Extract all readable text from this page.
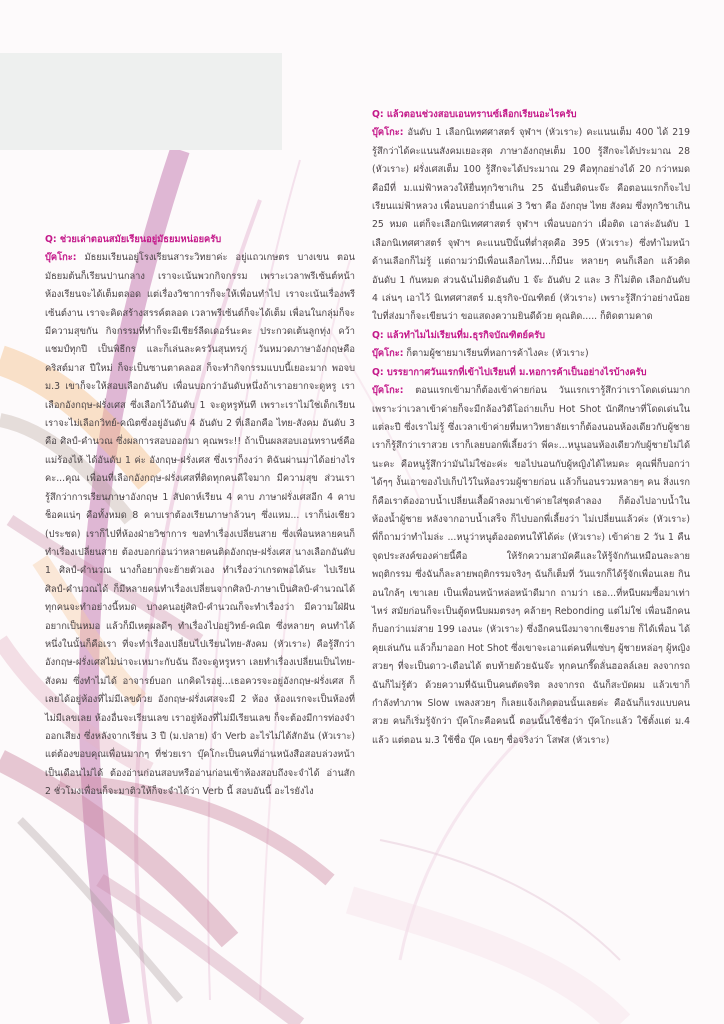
Q: ช่วยเล่าตอนสมัยเรียนอยู่มัธยมหน่อยครับ

บุ๊คโกะ: มัธยมเรียนอยู่โรงเรียนสาระวิทยาค่ะ อยู่แถวเกษตร บางเขน ตอนมัธยมต้นก็เรียนปานกลาง เราจะเน้นพวกกิจกรรม เพราะเวลาพรีเซ้นต์หน้าห้องเรียนจะได้เต็มตลอด แต่เรื่องวิชาการก็จะให้เพื่อนทำไป เราจะเน้นเรื่องพรีเซ้นต์งาน เราจะคิดสร้างสรรค์ตลอด เวลาพรีเซ้นต์ก็จะได้เต็ม เพื่อนในกลุ่มก็จะมีความสุขกัน กิจกรรมที่ทำก็จะมีเชียร์ลีดเดอร์นะคะ ประกวดเต้นลูกทุ่ง คว้าแชมป์ทุกปี เป็นพิธีกร และก็เล่นละครวันสุนทรภู่ วันหมวดภาษาอังกฤษคือ คริสต์มาส ปีใหม่ ก็จะเป็นซานตาคลอส ก็จะทำกิจกรรมแบบนี้เยอะมาก พอจบ ม.3 เขาก็จะให้สอบเลือกอันดับ เพื่อนบอกว่าอันดับหนึ่งถ้าเราอยากจะดูหรู เราเลือกอังกฤษ-ฝรั่งเศส ซึ่งเลือกไว้อันดับ 1 จะดูหรูทันที เพราะเราไม่ใช่เด็กเรียน เราจะไม่เลือกวิทย์-คณิตซึ่งอยู่อันดับ 4 อันดับ 2 ที่เลือกคือ ไทย-สังคม อันดับ 3 คือ ศิลป์-คำนวณ ซึ่งผลการสอบออกมา คุณพระ!! ถ้าเป็นผลสอบเอนทรานซ์คือ แม่ร้องไห้ ได้อันดับ 1 ค่ะ อังกฤษ-ฝรั่งเศส ซึ่งเราก็งงว่า ติฉันผ่านมาได้อย่างไรคะ...คุณ เพื่อนที่เลือกอังกฤษ-ฝรั่งเศสที่ติดทุกคนดีใจมาก มีความสุข ส่วนเรารู้สึกว่าการเรียนภาษาอังกฤษ 1 สัปดาห์เรียน 4 คาบ ภาษาฝรั่งเศสอีก 4 คาบ ช็อคแน่ๆ คือทั้งหมด 8 คาบเราต้องเรียนภาษาล้วนๆ ซึ่งแหม... เราก็น่งเชียว (ประชด) เราก็ไปที่ห้องฝ่ายวิชาการ ขอทำเรื่องเปลี่ยนสาย ซึ่งเพื่อนหลายคนก็ทำเรื่องเปลี่ยนสาย ต้องบอกก่อนว่าหลายคนติดอังกฤษ-ฝรั่งเศส นางเลือกอันดับ 1 ศิลป์-คำนวณ นางก็อยากจะย้ายตัวเอง ทำเรื่องว่าเกรดพอได้นะ ไปเรียนศิลป์-คำนวณได้ ก็มีหลายคนทำเรื่องเปลี่ยนจากศิลป์-ภาษาเป็นศิลป์-คำนวณได้ ทุกคนจะทำอย่างนี้หมด บางคนอยู่ศิลป์-คำนวณก็จะทำเรื่องว่า มีความใฝ่ฝันอยากเป็นหมอ แล้วก็มีเหตุผลดีๆ ทำเรื่องไปอยู่วิทย์-คณิต ซึ่งหลายๆ คนทำได้ หนึ่งในนั้นก็คือเรา ที่จะทำเรื่องเปลี่ยนไปเรียนไทย-สังคม (หัวเราะ) คือรู้สึกว่าอังกฤษ-ฝรั่งเศสไม่น่าจะเหมาะกับฉัน ถึงจะดูหรูหรา เลยทำเรื่องเปลี่ยนเป็นไทย-สังคม ซึ่งทำไม่ได้ อาจารย์บอก แกคิดไรอยู่...เธอควรจะอยู่อังกฤษ-ฝรั่งเศส ก็เลยได้อยู่ห้องที่ไม่มีเลขด้วย อังกฤษ-ฝรั่งเศสจะมี 2 ห้อง ห้องแรกจะเป็นห้องที่ไม่มีเลขเลย ห้องอื่นจะเรียนเลข เราอยู่ห้องที่ไม่มีเรียนเลข ก็จะต้องมีการท่องจำ ออกเสียง ซึ่งหลังจากเรียน 3 ปี (ม.ปลาย) จำ Verb อะไรไม่ได้สักอัน (หัวเราะ) แต่ต้องขอบคุณเพื่อนมากๆ ที่ช่วยเรา บุ๊คโกะเป็นคนที่อ่านหนังสือสอบล่วงหน้าเป็นเดือนไม่ได้ ต้องอ่านก่อนสอบหรืออ่านก่อนเข้าห้องสอบถึงจะจำได้ อ่านสัก 2 ชั่วโมงเพื่อนก็จะมาติวให้ก็จะจำได้ว่า Verb นี้ สอบอันนี้ อะไรยังไง

Q: แล้วตอนช่วงสอบเอนทรานซ์เลือกเรียนอะไรครับ

บุ๊คโกะ: อันดับ 1 เลือกนิเทศศาสตร์ จุฬาฯ (หัวเราะ) คะแนนเต็ม 400 ได้ 219 รู้สึกว่าได้คะแนนสังคมเยอะสุด ภาษาอังกฤษเต็ม 100 รู้สึกจะได้ประมาณ 28 (หัวเราะ) ฝรั่งเศสเต็ม 100 รู้สึกจะได้ประมาณ 29 คือทุกอย่างได้ 20 กว่าหมด คือมีที่ ม.แม่ฟ้าหลวงให้ยื่นทุกวิชาเกิน 25 ฉันยื่นติดนะจ๊ะ คือตอนแรกก็จะไปเรียนแม่ฟ้าหลวง เพื่อนบอกว่ายื่นแค่ 3 วิชา คือ อังกฤษ ไทย สังคม ซึ่งทุกวิชาเกิน 25 หมด แต่ก็จะเลือกนิเทศศาสตร์ จุฬาฯ เพื่อนบอกว่า เผื่อติด เอาล่ะอันดับ 1 เลือกนิเทศศาสตร์ จุฬาฯ คะแนนปีนั้นที่ต่ำสุดคือ 395 (หัวเราะ) ซึ่งทำไมหน้าด้านเลือกก็ไม่รู้ แต่ถามว่ามีเพื่อนเลือกไหม...ก็มีนะ หลายๆ คนก็เลือก แล้วติดอันดับ 1 กันหมด ส่วนฉันไม่ติดอันดับ 1 จ๊ะ อันดับ 2 และ 3 ก็ไม่ติด เลือกอันดับ 4 เล่นๆ เอาไว้ นิเทศศาสตร์ ม.ธุรกิจ-บัณฑิตย์ (หัวเราะ) เพราะรู้สึกว่าอย่างน้อยใบที่ส่งมาก็จะเขียนว่า ขอแสดงความยินดีด้วย คุณติด..... ก็ติดตามคาด

Q: แล้วทำไมไม่เรียนที่ม.ธุรกิจบัณฑิตย์ครับ

บุ๊คโกะ: ก็ตามผู้ชายมาเรียนที่หอการค้าไงคะ (หัวเราะ)

Q: บรรยากาศวันแรกที่เข้าไปเรียนที่ ม.หอการค้าเป็นอย่างไรบ้างครับ

บุ๊คโกะ: ตอนแรกเข้ามาก็ต้องเข้าค่ายก่อน วันแรกเรารู้สึกว่าเราโดดเด่นมาก เพราะว่าเวลาเข้าค่ายก็จะมีกล้องวิดีโอถ่ายเก็บ Hot Shot นักศึกษาที่โดดเด่นในแต่ละปี ซึ่งเราไม่รู้ ซึ่งเวลาเข้าค่ายที่มหาวิทยาลัยเราก็ต้องนอนห้องเดียวกับผู้ชาย เราก็รู้สึกว่าเราสวย เราก็เลยบอกพี่เลี้ยงว่า พี่คะ...หนูนอนห้องเดียวกับผู้ชายไม่ได้นะคะ คือหนูรู้สึกว่ามันไม่ใช่อะค่ะ ขอไปนอนกับผู้หญิงได้ไหมคะ คุณพี่ก็บอกว่าได้ๆๆ งั้นเอาของไปเก็บไว้ในห้องรวมผู้ชายก่อน แล้วก็นอนรวมหลายๆ คน สิ่งแรกก็คือเราต้องอาบน้ำเปลี่ยนเสื้อผ้าลงมาเข้าค่ายใส่ชุดลำลอง ก็ต้องไปอาบน้ำในห้องน้ำผู้ชาย หลังจากอาบน้ำเสร็จ ก็ไปบอกพี่เลี้ยงว่า ไม่เปลี่ยนแล้วค่ะ (หัวเราะ) พี่ก็ถามว่าทำไมล่ะ ...หนูว่าหนูต้องอดทนให้ได้ค่ะ (หัวเราะ) เข้าค่าย 2 วัน 1 คืน จุดประสงค์ของค่ายนี้คือ ให้รักความสามัคคีและให้รู้จักกันเหมือนละลายพฤติกรรม ซึ่งฉันก็ละลายพฤติกรรมจริงๆ ฉันก็เต็มที่ วันแรกก็ได้รู้จักเพื่อนเลย กินอนใกล้ๆ เขาเลย เป็นเพื่อนหน้าหล่อหน้าดีมาก ถามว่า เธอ...ที่หนีบผมซื้อมาเท่าไหร่ สมัยก่อนก็จะเป็นตู้ดหนีบผมตรงๆ คล้ายๆ Rebonding แต่ไม่ใช่ เพื่อนอีกคนก็บอกว่าแม่สาย 199 เองนะ (หัวเราะ) ซึ่งอีกคนนึงมาจากเชียงราย ก็ได้เพื่อน ได้คุยเล่นกัน แล้วก็มาออก Hot Shot ซึ่งเขาจะเอาแต่คนที่แซ่บๆ ผู้ชายหล่อๆ ผู้หญิงสวยๆ ที่จะเป็นดาว-เดือนได้ ตบท้ายด้วยฉันจ๊ะ ทุกคนกรี๊ดลั่นฮอลล์เลย ลงจากรถ ฉันก็ไม่รู้ตัว ด้วยความที่ฉันเป็นคนตัดจริต ลงจากรถ ฉันก็สะบัดผม แล้วเขาก็กำลังทำภาพ Slow เพลงสวยๆ ก็เลยแจ้งเกิดตอนนั้นเลยค่ะ คือฉันก็แรงแบบคนสวย คนก็เริ่มรู้จักว่า บุ๊คโกะคือคนนี้ ตอนนั้นใช้ชื่อว่า บุ๊คโกะแล้ว ใช้ตั้งแต่ ม.4 แล้ว แต่ตอน ม.3 ใช้ชื่อ บุ๊ค เฉยๆ ชื่อจริงว่า โสฬส (หัวเราะ)
